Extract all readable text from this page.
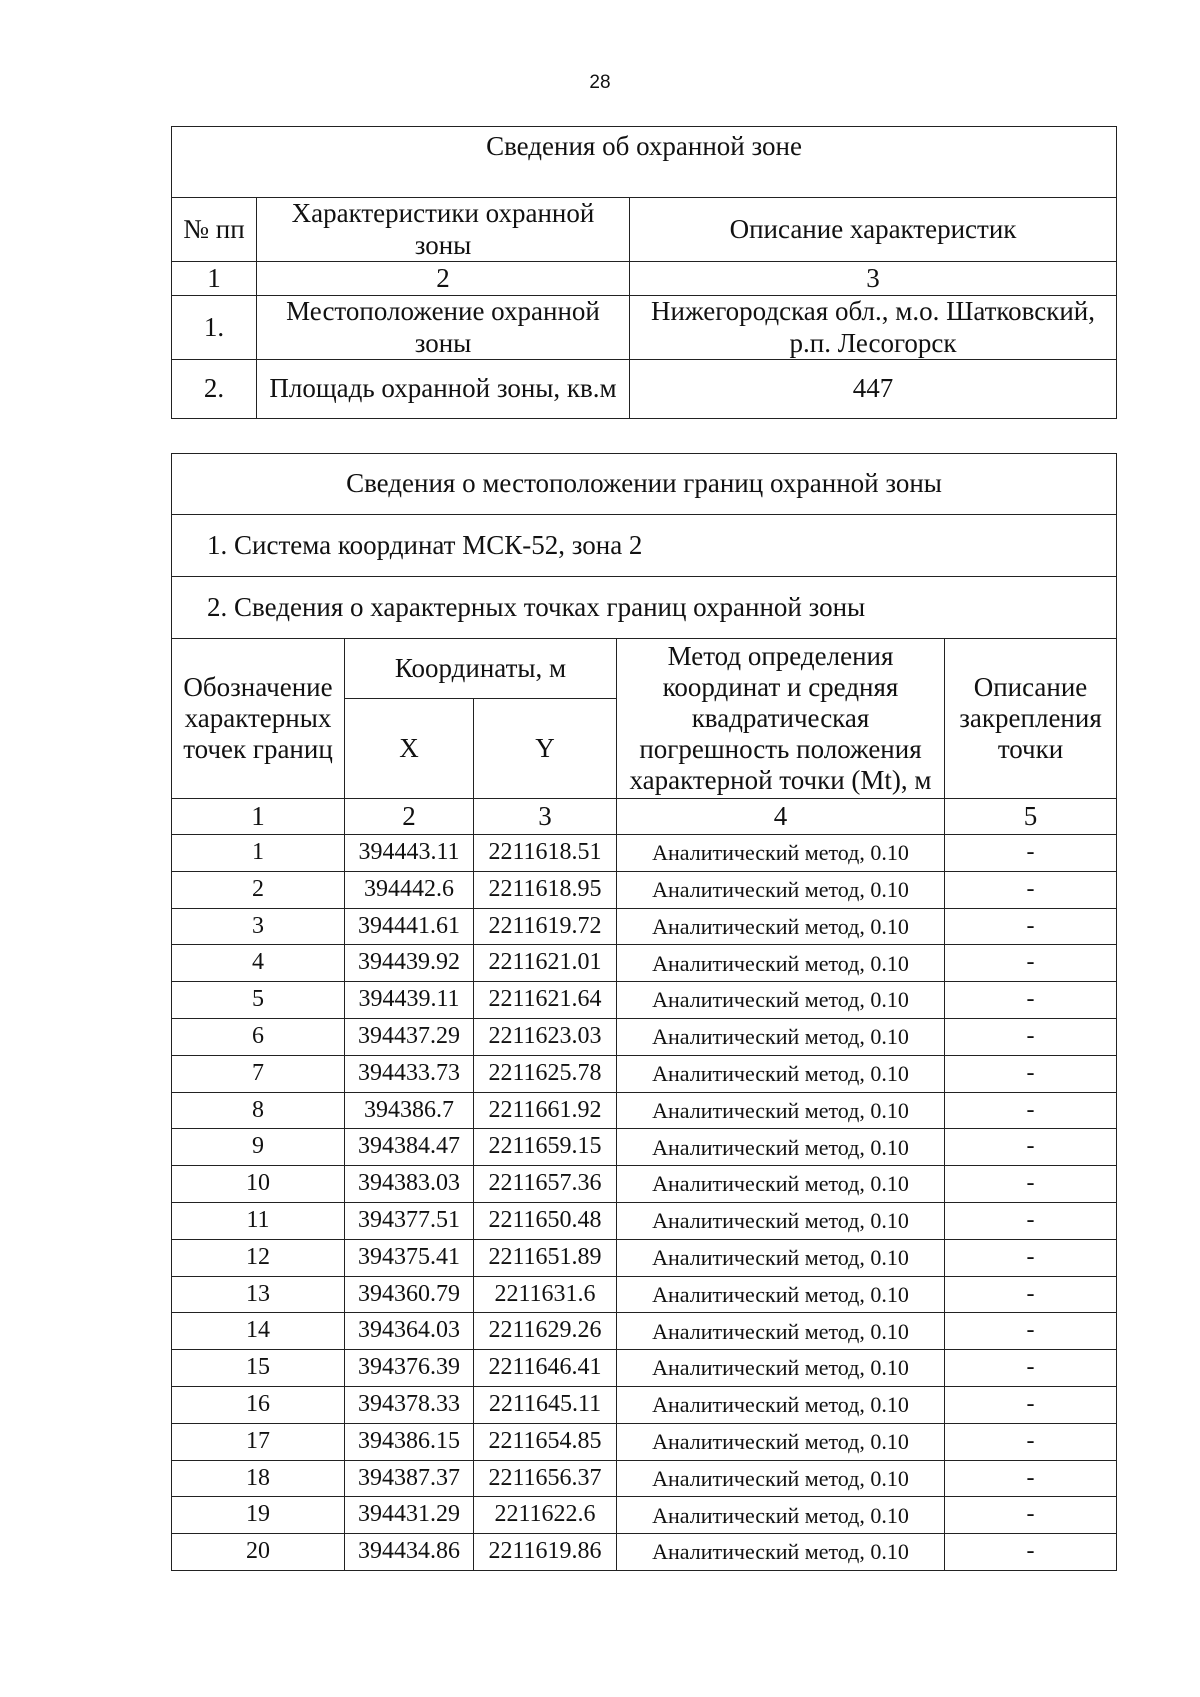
28
Сведения об охранной зоне		
№ пп	Характеристики охранной зоны	Описание характеристик
1	2	3
1.	Местоположение охранной зоны	Нижегородская обл., м.о. Шатковский, р.п. Лесогорск
2.	Площадь охранной зоны, кв.м	447
Сведения о местоположении границ охранной зоны				
1. Система координат МСК-52, зона 2				
2. Сведения о характерных точках границ охранной зоны				
Обозначение характерных точек границ	Координаты, м		Метод определения координат и средняя квадратическая погрешность положения характерной точки (Mt), м	Описание закрепления точки
	X	Y		
1	2	3	4	5
1	394443.11	2211618.51	Аналитический метод, 0.10	-
2	394442.6	2211618.95	Аналитический метод, 0.10	-
3	394441.61	2211619.72	Аналитический метод, 0.10	-
4	394439.92	2211621.01	Аналитический метод, 0.10	-
5	394439.11	2211621.64	Аналитический метод, 0.10	-
6	394437.29	2211623.03	Аналитический метод, 0.10	-
7	394433.73	2211625.78	Аналитический метод, 0.10	-
8	394386.7	2211661.92	Аналитический метод, 0.10	-
9	394384.47	2211659.15	Аналитический метод, 0.10	-
10	394383.03	2211657.36	Аналитический метод, 0.10	-
11	394377.51	2211650.48	Аналитический метод, 0.10	-
12	394375.41	2211651.89	Аналитический метод, 0.10	-
13	394360.79	2211631.6	Аналитический метод, 0.10	-
14	394364.03	2211629.26	Аналитический метод, 0.10	-
15	394376.39	2211646.41	Аналитический метод, 0.10	-
16	394378.33	2211645.11	Аналитический метод, 0.10	-
17	394386.15	2211654.85	Аналитический метод, 0.10	-
18	394387.37	2211656.37	Аналитический метод, 0.10	-
19	394431.29	2211622.6	Аналитический метод, 0.10	-
20	394434.86	2211619.86	Аналитический метод, 0.10	-
